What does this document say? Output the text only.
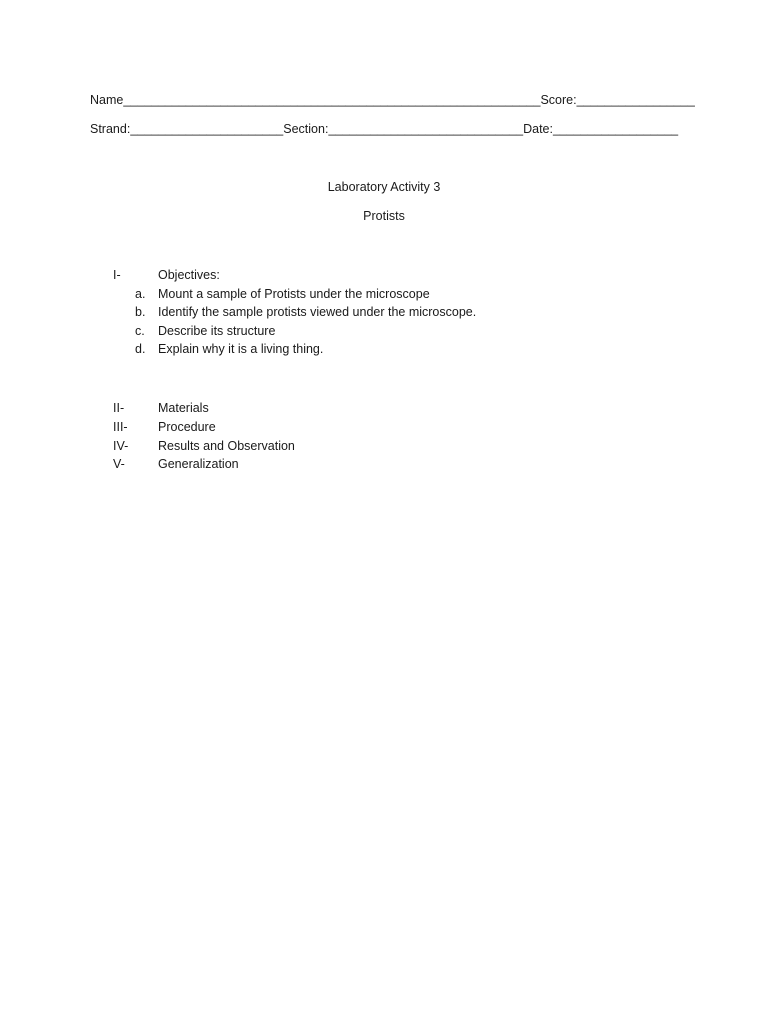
Name____________________________________________________________Score:_________________
Strand:______________________Section:____________________________Date:__________________
Laboratory Activity 3
Protists
I-	Objectives:
a. Mount a sample of Protists under the microscope
b. Identify the sample protists viewed under the microscope.
c. Describe its structure
d. Explain why it is a living thing.
II-	Materials
III- Procedure
IV- Results and Observation
V-	Generalization
